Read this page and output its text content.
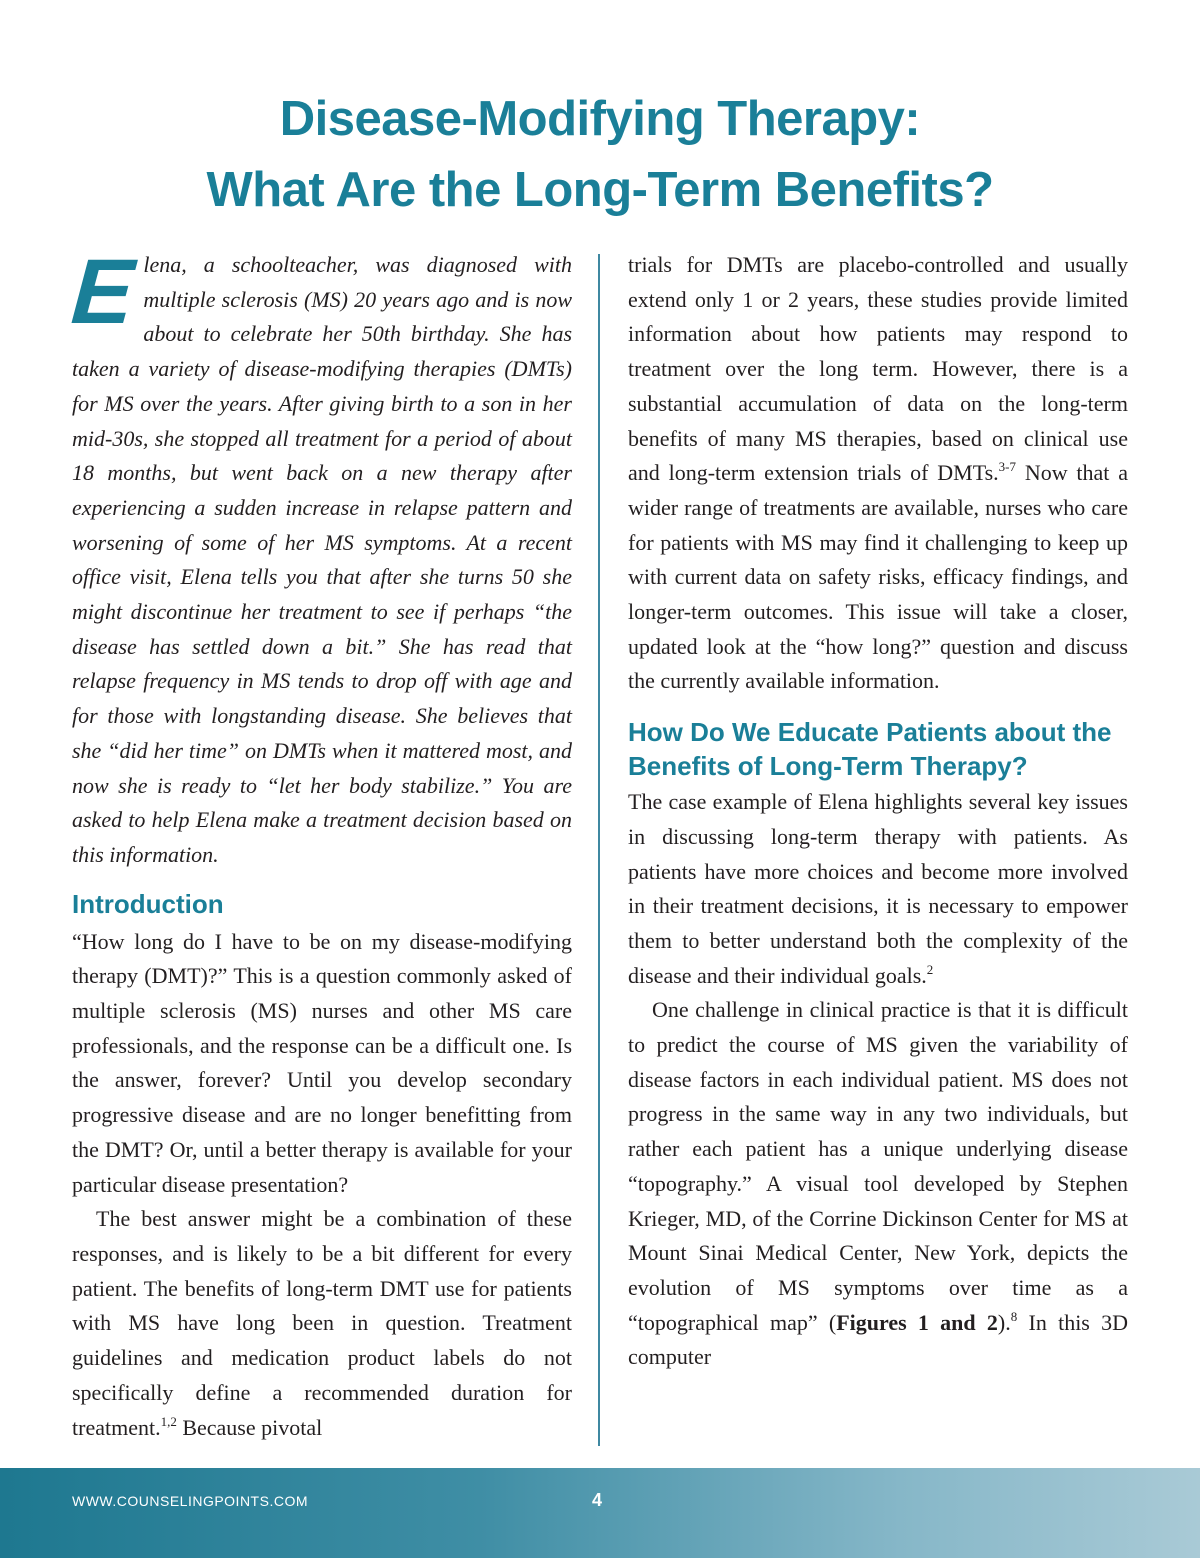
Disease-Modifying Therapy:
What Are the Long-Term Benefits?

Elena, a schoolteacher, was diagnosed with multiple sclerosis (MS) 20 years ago and is now about to celebrate her 50th birthday. She has taken a variety of disease-modifying therapies (DMTs) for MS over the years. After giving birth to a son in her mid-30s, she stopped all treatment for a period of about 18 months, but went back on a new therapy after experiencing a sudden increase in relapse pattern and worsening of some of her MS symptoms. At a recent office visit, Elena tells you that after she turns 50 she might discontinue her treatment to see if perhaps “the disease has settled down a bit.” She has read that relapse frequency in MS tends to drop off with age and for those with longstanding disease. She believes that she “did her time” on DMTs when it mattered most, and now she is ready to “let her body stabilize.” You are asked to help Elena make a treatment decision based on this information.

Introduction

“How long do I have to be on my disease-modifying therapy (DMT)?” This is a question commonly asked of multiple sclerosis (MS) nurses and other MS care professionals, and the response can be a difficult one. Is the answer, forever? Until you develop secondary progressive disease and are no longer benefitting from the DMT? Or, until a better therapy is available for your particular disease presentation?

The best answer might be a combination of these responses, and is likely to be a bit different for every patient. The benefits of long-term DMT use for patients with MS have long been in question. Treatment guidelines and medication product labels do not specifically define a recommended duration for treatment.$^{1,2}$ Because pivotal

trials for DMTs are placebo-controlled and usually extend only 1 or 2 years, these studies provide limited information about how patients may respond to treatment over the long term. However, there is a substantial accumulation of data on the long-term benefits of many MS therapies, based on clinical use and long-term extension trials of DMTs.$^{3-7}$ Now that a wider range of treatments are available, nurses who care for patients with MS may find it challenging to keep up with current data on safety risks, efficacy findings, and longer-term outcomes. This issue will take a closer, updated look at the “how long?” question and discuss the currently available information.

How Do We Educate Patients about the Benefits of Long-Term Therapy?

The case example of Elena highlights several key issues in discussing long-term therapy with patients. As patients have more choices and become more involved in their treatment decisions, it is necessary to empower them to better understand both the complexity of the disease and their individual goals.$^2$

One challenge in clinical practice is that it is difficult to predict the course of MS given the variability of disease factors in each individual patient. MS does not progress in the same way in any two individuals, but rather each patient has a unique underlying disease “topography.” A visual tool developed by Stephen Krieger, MD, of the Corrine Dickinson Center for MS at Mount Sinai Medical Center, New York, depicts the evolution of MS symptoms over time as a “topographical map” (Figures 1 and 2).$^8$ In this 3D computer

WWW.COUNSELINGPOINTS.COM	4
